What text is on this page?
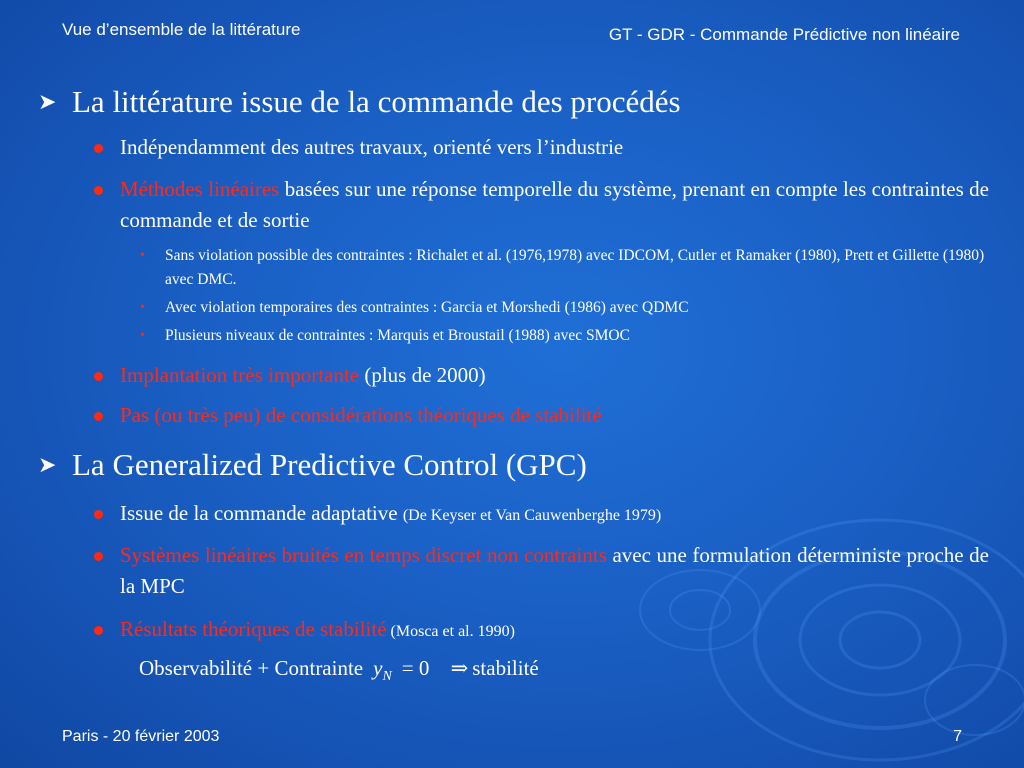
Vue d’ensemble de la littérature	GT - GDR - Commande Prédictive non linéaire
➤ La littérature issue de la commande des procédés
Indépendamment des autres travaux, orienté vers l’industrie
Méthodes linéaires basées sur une réponse temporelle du système, prenant en compte les contraintes de commande et de sortie
• Sans violation possible des contraintes : Richalet et al. (1976,1978) avec IDCOM, Cutler et Ramaker (1980), Prett et Gillette (1980) avec DMC.
• Avec violation temporaires des contraintes : Garcia et Morshedi (1986) avec QDMC
• Plusieurs niveaux de contraintes : Marquis et Broustail (1988) avec SMOC
Implantation très importante (plus de 2000)
Pas (ou très peu) de considérations théoriques de stabilité
➤ La Generalized Predictive Control (GPC)
Issue de la commande adaptative (De Keyser et Van Cauwenberghe 1979)
Systèmes linéaires bruités en temps discret non contraints avec une formulation déterministe proche de la MPC
Résultats théoriques de stabilité (Mosca et al. 1990)
Observabilité + Contrainte $y_N = 0$ ⇒ stabilité
Paris - 20 février 2003	7
